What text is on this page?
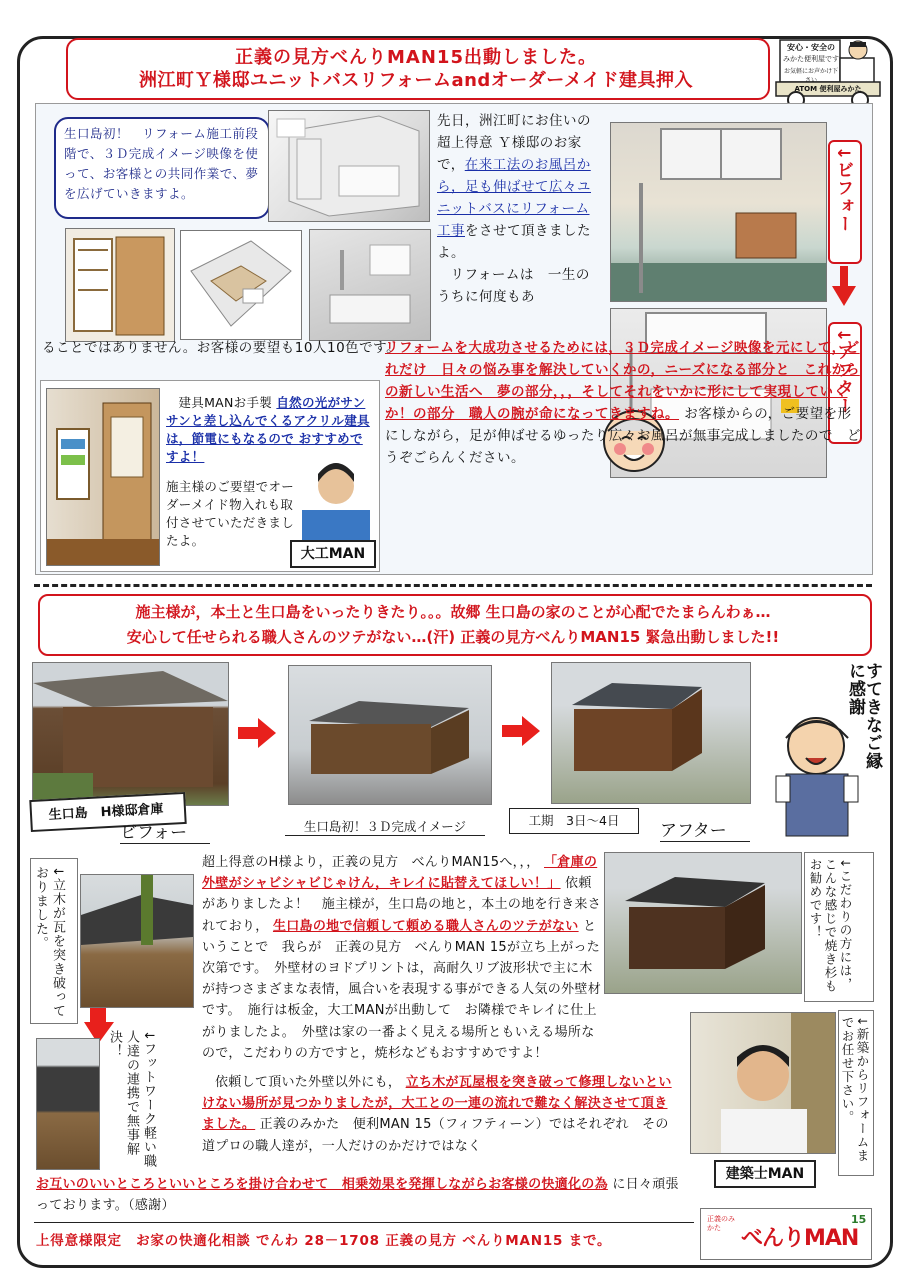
正義の見方べんりMAN15出動しました。
洲江町Ｙ様邸ユニットバスリフォームandオーダーメイド建具押入
安心・安全の
みかた便利屋です
お気軽にお声かけ下さい
ATOM 便利屋みかた
生口島初！　リフォーム施工前段階で、３Ｄ完成イメージ映像を使って、お客様との共同作業で、夢を広げていきますよ。
先日，洲江町にお住いの超上得意 Ｙ様邸のお家で，在来工法のお風呂から，足も伸ばせて広々ユニットバスにリフォーム工事をさせて頂きましたよ。
リフォームは　一生のうちに何度もあ
ることではありません。お客様の要望も10人10色です。
↓ビフォー
↓アフター
リフォームを大成功させるためには，３Ｄ完成イメージ映像を元にして，どれだけ　日々の悩み事を解決していくかの，ニーズになる部分と　これからの新しい生活へ　夢の部分，，，そしてそれをいかに形にして実現していくか！の部分　職人の腕が命になってきますね。 お客様からの，ご要望を形にしながら，足が伸ばせるゆったり広々お風呂が無事完成しましたので　どうぞごらんください。
建具MANお手製 自然の光がサンサンと差し込んでくるアクリル建具は，節電にもなるので おすすめですよ！
施主様のご要望でオーダーメイド物入れも取付させていただきましたよ。
大工MAN
施主様が，本土と生口島をいったりきたり。。。故郷 生口島の家のことが心配でたまらんわぁ…
安心して任せられる職人さんのツテがない…(汗) 正義の見方べんりMAN15 緊急出動しました!!
すてきなご縁に感謝
生口島　H様邸倉庫
ビフォー	生口島初！３Ｄ完成イメージ	工期　3日～4日
アフター
↓立木が瓦を突き破っておりました。
↓フットワーク軽い職人達の連携で無事解決！
超上得意のH様より，正義の見方　べんりMAN15へ，，， 「倉庫の外壁がシャビシャビじゃけん，キレイに貼替えてほしい！」 依頼がありましたよ！　施主様が，生口島の地と，本土の地を行き来されており， 生口島の地で信頼して頼める職人さんのツテがない ということで　我らが　正義の見方　べんりMAN 15が立ち上がった次第です。　外壁材のヨドプリントは，高耐久リブ波形状で主に木が持つさまざまな表情，風合いを表現する事ができる人気の外壁材です。　施行は板金，大工MANが出動して　お隣様でキレイに仕上がりましたよ。　外壁は家の一番よく見える場所ともいえる場所なので，こだわりの方ですと，焼杉などもおすすめですよ！
依頼して頂いた外壁以外にも， 立ち木が瓦屋根を突き破って修理しないといけない場所が見つかりましたが，大工との一連の流れで難なく解決させて頂きました。 正義のみかた　便利MAN 15（フィフティーン）ではそれぞれ　その道プロの職人達が，一人だけのかだけではなく
お互いのいいところといいところを掛け合わせて　相乗効果を発揮しながらお客様の快適化の為 に日々頑張っております。（感謝）
↓こだわりの方には，こんな感じで焼き杉もお勧めです！
↓新築からリフォームまでお任せ下さい。
建築士MAN
上得意様限定　お家の快適化相談 でんわ 28－1708 正義の見方 べんりMAN15 まで。
正義のみかた べんりMAN
15
